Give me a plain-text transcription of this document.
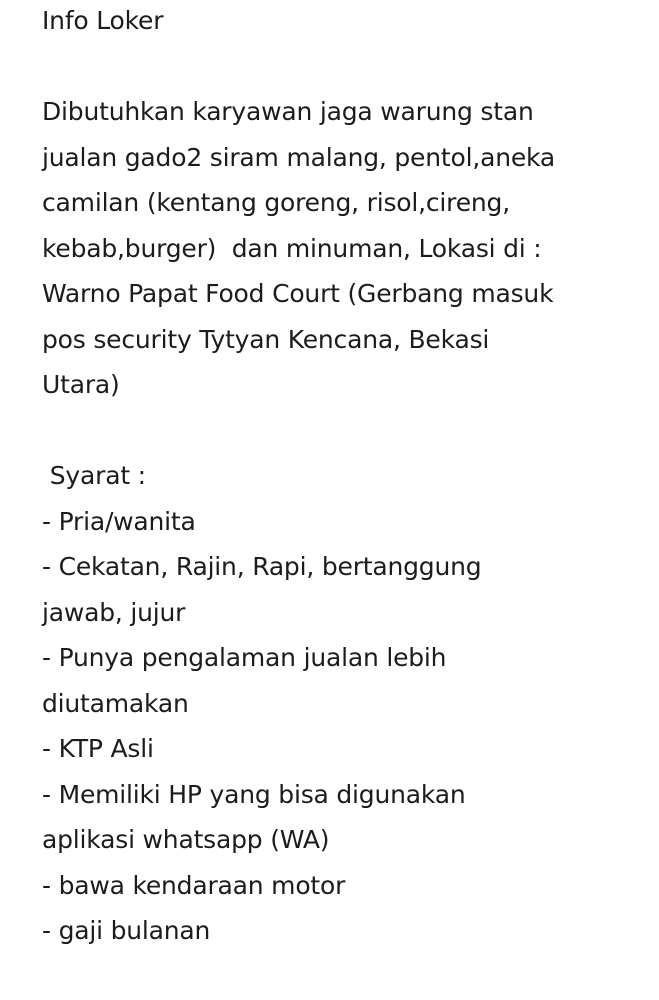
Info Loker
Dibutuhkan karyawan jaga warung stan
jualan gado2 siram malang, pentol,aneka
camilan (kentang goreng, risol,cireng,
kebab,burger)  dan minuman, Lokasi di :
Warno Papat Food Court (Gerbang masuk
pos security Tytyan Kencana, Bekasi
Utara)
Syarat :
- Pria/wanita
- Cekatan, Rajin, Rapi, bertanggung
jawab, jujur
- Punya pengalaman jualan lebih
diutamakan
- KTP Asli
- Memiliki HP yang bisa digunakan
aplikasi whatsapp (WA)
- bawa kendaraan motor
- gaji bulanan
